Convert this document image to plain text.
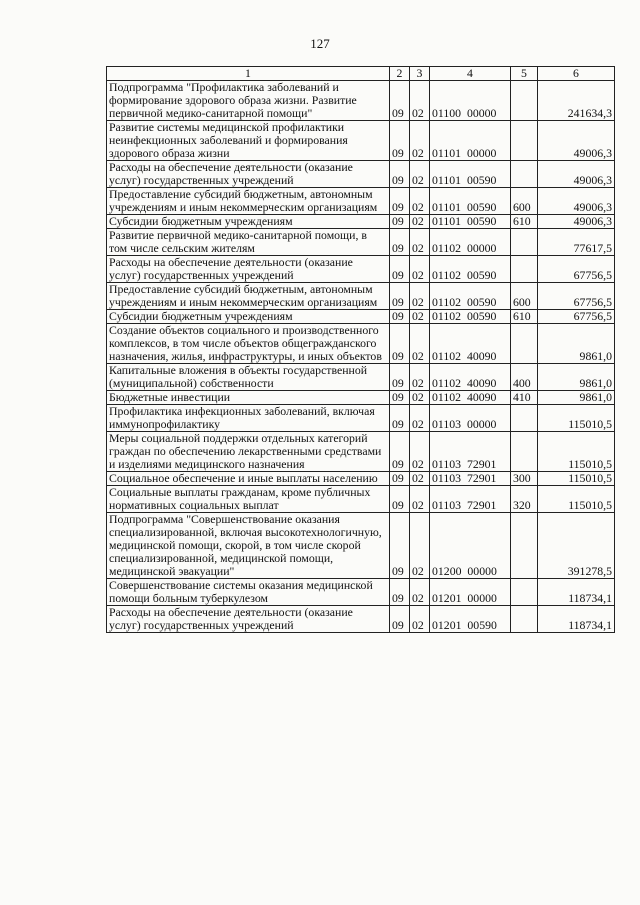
127
1	2	3	4	5	6
Подпрограмма "Профилактика заболеваний и формирование здорового образа жизни. Развитие первичной медико-санитарной помощи"	09	02	01100  00000		241634,3
Развитие системы медицинской профилактики неинфекционных заболеваний и формирования здорового образа жизни	09	02	01101  00000		49006,3
Расходы на обеспечение деятельности (оказание услуг) государственных учреждений	09	02	01101  00590		49006,3
Предоставление субсидий бюджетным, автономным учреждениям и иным некоммерческим организациям	09	02	01101  00590	600	49006,3
Субсидии бюджетным учреждениям	09	02	01101  00590	610	49006,3
Развитие первичной медико-санитарной помощи, в том числе сельским жителям	09	02	01102  00000		77617,5
Расходы на обеспечение деятельности (оказание услуг) государственных учреждений	09	02	01102  00590		67756,5
Предоставление субсидий бюджетным, автономным учреждениям и иным некоммерческим организациям	09	02	01102  00590	600	67756,5
Субсидии бюджетным учреждениям	09	02	01102  00590	610	67756,5
Создание объектов социального и производственного комплексов, в том числе объектов общегражданского назначения, жилья, инфраструктуры, и иных объектов	09	02	01102  40090		9861,0
Капитальные вложения в объекты государственной (муниципальной) собственности	09	02	01102  40090	400	9861,0
Бюджетные инвестиции	09	02	01102  40090	410	9861,0
Профилактика инфекционных заболеваний, включая иммунопрофилактику	09	02	01103  00000		115010,5
Меры социальной поддержки отдельных категорий граждан по обеспечению лекарственными средствами и изделиями медицинского назначения	09	02	01103  72901		115010,5
Социальное обеспечение и иные выплаты населению	09	02	01103  72901	300	115010,5
Социальные выплаты гражданам, кроме публичных нормативных социальных выплат	09	02	01103  72901	320	115010,5
Подпрограмма "Совершенствование оказания специализированной, включая высокотехнологичную, медицинской помощи, скорой, в том числе скорой специализированной, медицинской помощи, медицинской эвакуации"	09	02	01200  00000		391278,5
Совершенствование системы оказания медицинской помощи больным туберкулезом	09	02	01201  00000		118734,1
Расходы на обеспечение деятельности (оказание услуг) государственных учреждений	09	02	01201  00590		118734,1
